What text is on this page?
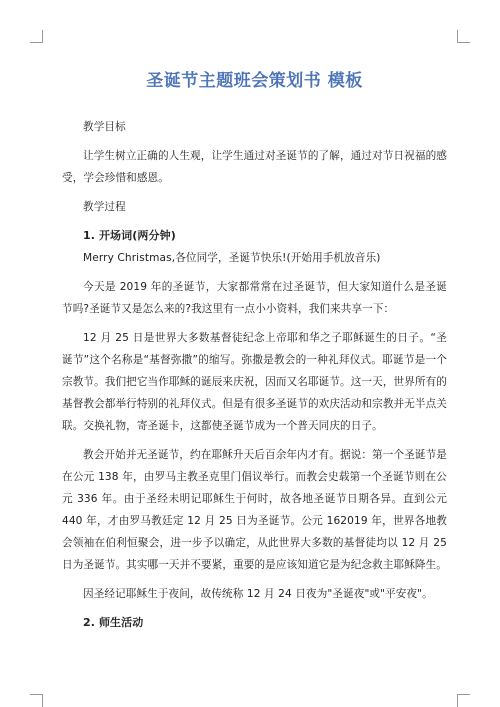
圣诞节主题班会策划书 模板

教学目标

让学生树立正确的人生观，让学生通过对圣诞节的了解，通过对节日祝福的感受，学会珍惜和感恩。

教学过程

1. 开场词(两分钟)

Merry Christmas,各位同学，圣诞节快乐!(开始用手机放音乐)

今天是 2019 年的圣诞节，大家都常常在过圣诞节，但大家知道什么是圣诞节吗?圣诞节又是怎么来的?我这里有一点小小资料，我们来共享一下：

12 月 25 日是世界大多数基督徒纪念上帝耶和华之子耶稣诞生的日子。“圣诞节”这个名称是“基督弥撒”的缩写。弥撒是教会的一种礼拜仪式。耶诞节是一个宗教节。我们把它当作耶稣的诞辰来庆祝，因而又名耶诞节。这一天，世界所有的基督教会都举行特别的礼拜仪式。但是有很多圣诞节的欢庆活动和宗教并无半点关联。交换礼物，寄圣诞卡，这都使圣诞节成为一个普天同庆的日子。

教会开始并无圣诞节，约在耶稣升天后百余年内才有。据说：第一个圣诞节是在公元 138 年，由罗马主教圣克里门倡议举行。而教会史载第一个圣诞节则在公元 336 年。由于圣经未明记耶稣生于何时，故各地圣诞节日期各异。直到公元 440 年，才由罗马教廷定 12 月 25 日为圣诞节。公元 162019 年，世界各地教会领袖在伯利恒聚会，进一步予以确定，从此世界大多数的基督徒均以 12 月 25 日为圣诞节。其实哪一天并不要紧，重要的是应该知道它是为纪念救主耶稣降生。

因圣经记耶稣生于夜间，故传统称 12 月 24 日夜为"圣诞夜"或"平安夜"。

2. 师生活动
